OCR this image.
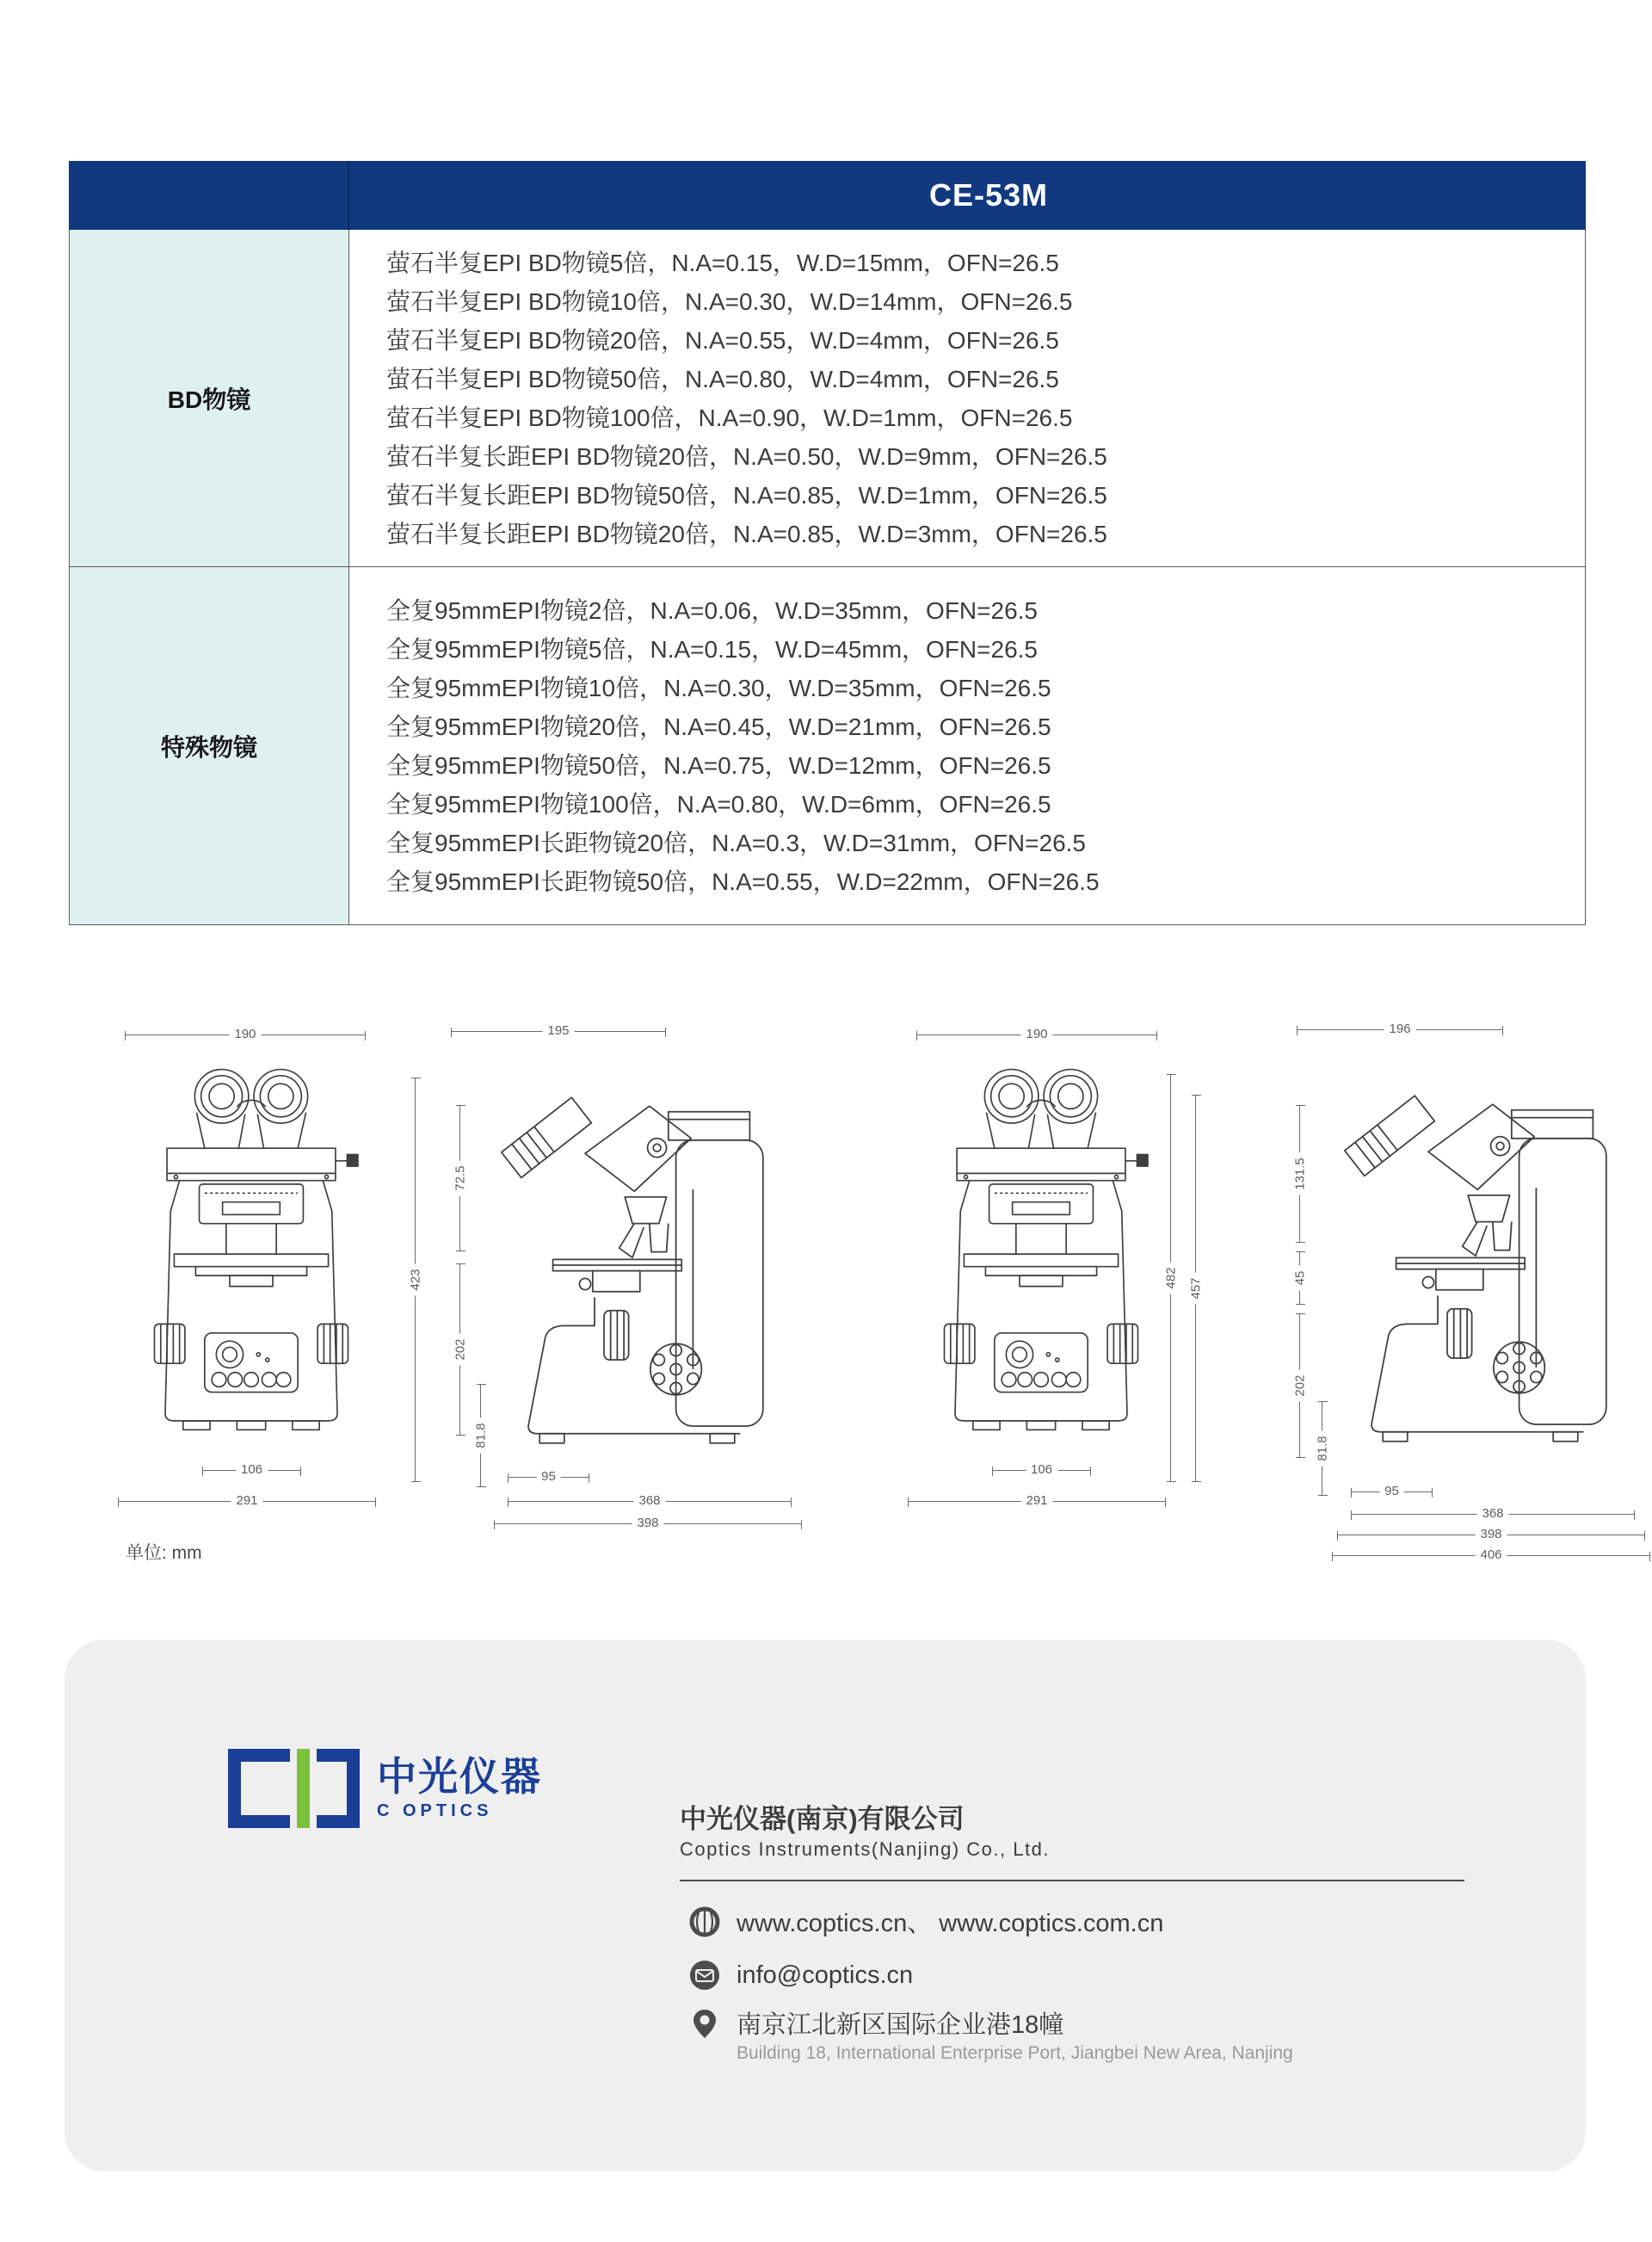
CE-53M
BD物镜
萤石半复EPI BD物镜5倍，N.A=0.15，W.D=15mm，OFN=26.5
萤石半复EPI BD物镜10倍，N.A=0.30，W.D=14mm，OFN=26.5
萤石半复EPI BD物镜20倍，N.A=0.55，W.D=4mm，OFN=26.5
萤石半复EPI BD物镜50倍，N.A=0.80，W.D=4mm，OFN=26.5
萤石半复EPI BD物镜100倍，N.A=0.90，W.D=1mm，OFN=26.5
萤石半复长距EPI BD物镜20倍，N.A=0.50，W.D=9mm，OFN=26.5
萤石半复长距EPI BD物镜50倍，N.A=0.85，W.D=1mm，OFN=26.5
萤石半复长距EPI BD物镜20倍，N.A=0.85，W.D=3mm，OFN=26.5
特殊物镜
全复95mmEPI物镜2倍，N.A=0.06，W.D=35mm，OFN=26.5
全复95mmEPI物镜5倍，N.A=0.15，W.D=45mm，OFN=26.5
全复95mmEPI物镜10倍，N.A=0.30，W.D=35mm，OFN=26.5
全复95mmEPI物镜20倍，N.A=0.45，W.D=21mm，OFN=26.5
全复95mmEPI物镜50倍，N.A=0.75，W.D=12mm，OFN=26.5
全复95mmEPI物镜100倍，N.A=0.80，W.D=6mm，OFN=26.5
全复95mmEPI长距物镜20倍，N.A=0.3，W.D=31mm，OFN=26.5
全复95mmEPI长距物镜50倍，N.A=0.55，W.D=22mm，OFN=26.5
190
106
291
195
423
72.5
202
81.8
95
368
398
190
482 457
106
291
196
131.5
45
202
81.8
95
368
398
406
单位: mm
中光仪器
C OPTICS	中光仪器(南京)有限公司
Coptics Instruments(Nanjing) Co., Ltd.
www.coptics.cn、 www.coptics.com.cn
info@coptics.cn
南京江北新区国际企业港18幢
Building 18, International Enterprise Port, Jiangbei New Area, Nanjing
